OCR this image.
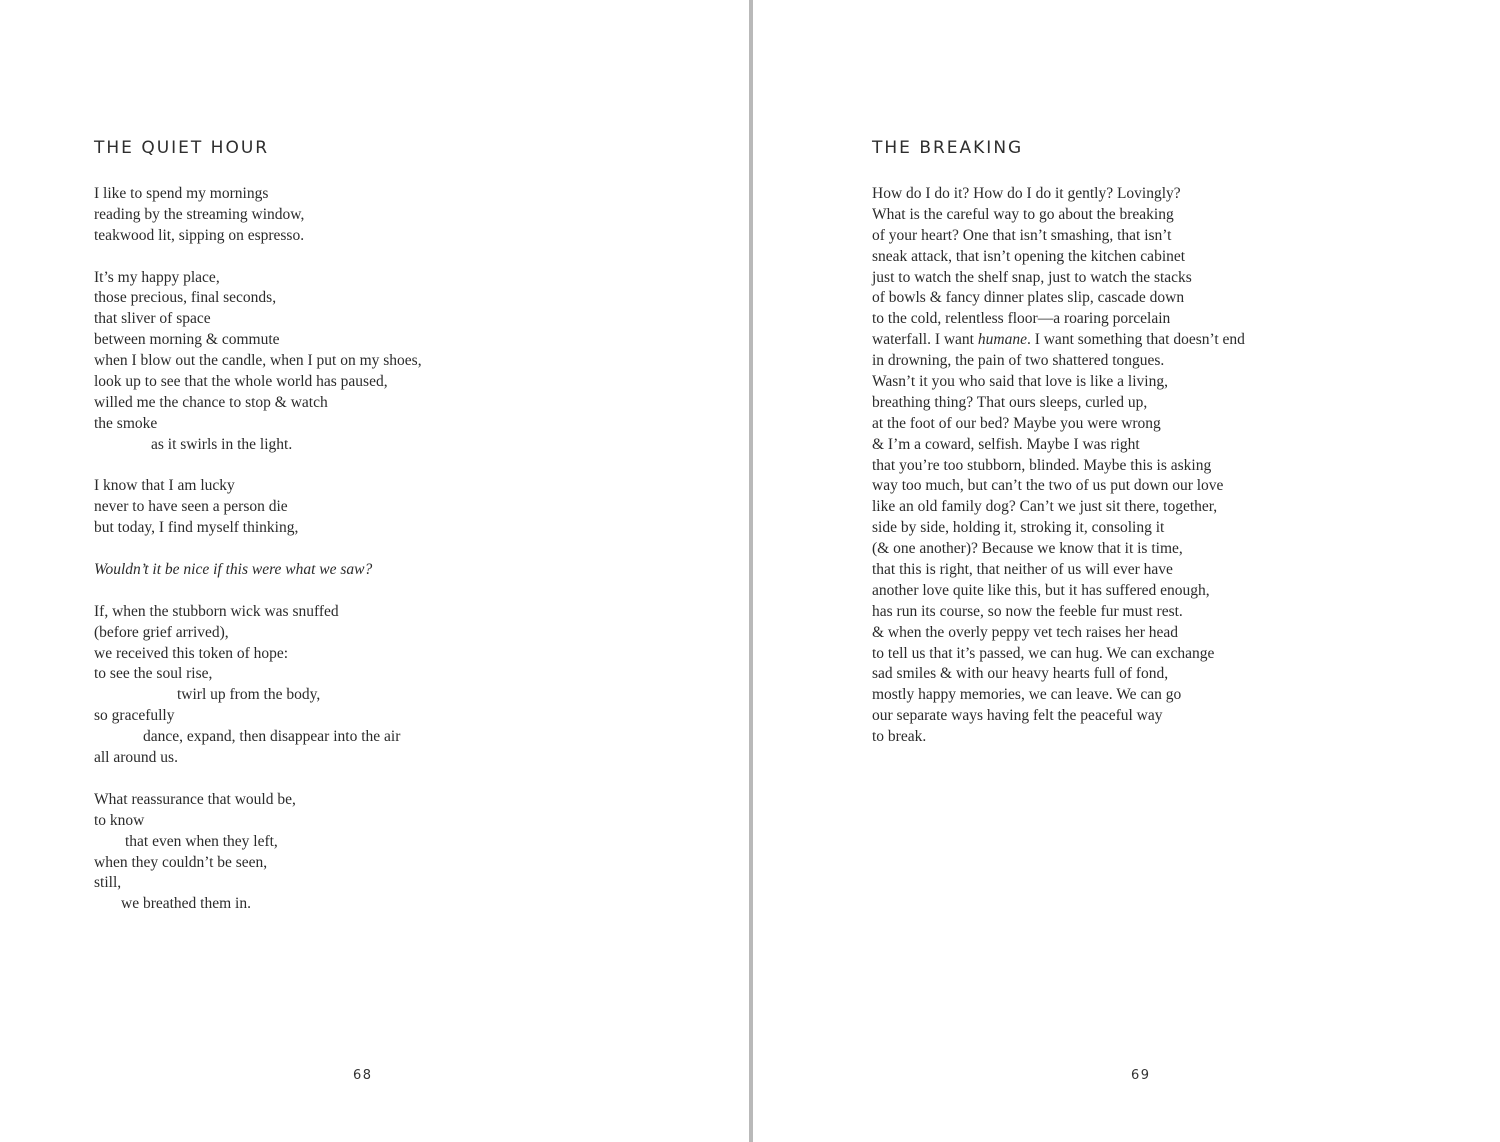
THE QUIET HOUR
I like to spend my mornings
reading by the streaming window,
teakwood lit, sipping on espresso.
It’s my happy place,
those precious, final seconds,
that sliver of space
between morning & commute
when I blow out the candle, when I put on my shoes,
look up to see that the whole world has paused,
willed me the chance to stop & watch
the smoke
as it swirls in the light.
I know that I am lucky
never to have seen a person die
but today, I find myself thinking,
Wouldn’t it be nice if this were what we saw?
If, when the stubborn wick was snuffed
(before grief arrived),
we received this token of hope:
to see the soul rise,
twirl up from the body,
so gracefully
dance, expand, then disappear into the air
all around us.
What reassurance that would be,
to know
that even when they left,
when they couldn’t be seen,
still,
we breathed them in.
68
THE BREAKING
How do I do it? How do I do it gently? Lovingly?
What is the careful way to go about the breaking
of your heart? One that isn’t smashing, that isn’t
sneak attack, that isn’t opening the kitchen cabinet
just to watch the shelf snap, just to watch the stacks
of bowls & fancy dinner plates slip, cascade down
to the cold, relentless floor—a roaring porcelain
waterfall. I want humane. I want something that doesn’t end
in drowning, the pain of two shattered tongues.
Wasn’t it you who said that love is like a living,
breathing thing? That ours sleeps, curled up,
at the foot of our bed? Maybe you were wrong
& I’m a coward, selfish. Maybe I was right
that you’re too stubborn, blinded. Maybe this is asking
way too much, but can’t the two of us put down our love
like an old family dog? Can’t we just sit there, together,
side by side, holding it, stroking it, consoling it
(& one another)? Because we know that it is time,
that this is right, that neither of us will ever have
another love quite like this, but it has suffered enough,
has run its course, so now the feeble fur must rest.
& when the overly peppy vet tech raises her head
to tell us that it’s passed, we can hug. We can exchange
sad smiles & with our heavy hearts full of fond,
mostly happy memories, we can leave. We can go
our separate ways having felt the peaceful way
to break.
69
